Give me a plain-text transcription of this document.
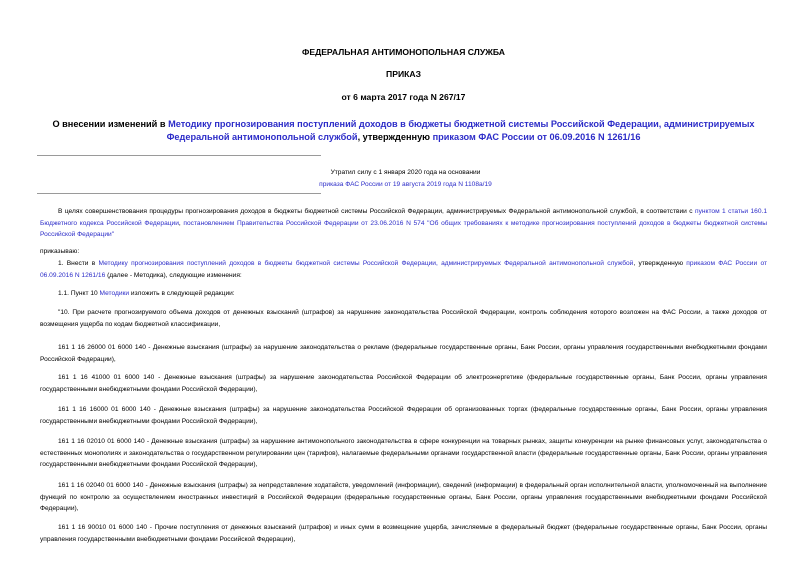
ФЕДЕРАЛЬНАЯ АНТИМОНОПОЛЬНАЯ СЛУЖБА
ПРИКАЗ
от 6 марта 2017 года N 267/17
О внесении изменений в Методику прогнозирования поступлений доходов в бюджеты бюджетной системы Российской Федерации, администрируемых Федеральной антимонопольной службой, утвержденную приказом ФАС России от 06.09.2016 N 1261/16
Утратил силу с 1 января 2020 года на основании
приказа ФАС России от 19 августа 2019 года N 1108а/19
В целях совершенствования процедуры прогнозирования доходов в бюджеты бюджетной системы Российской Федерации, администрируемых Федеральной антимонопольной службой, в соответствии с пунктом 1 статьи 160.1 Бюджетного кодекса Российской Федерации, постановлением Правительства Российской Федерации от 23.06.2016 N 574 "Об общих требованиях к методике прогнозирования поступлений доходов в бюджеты бюджетной системы Российской Федерации"
приказываю:
1. Внести в Методику прогнозирования поступлений доходов в бюджеты бюджетной системы Российской Федерации, администрируемых Федеральной антимонопольной службой, утвержденную приказом ФАС России от 06.09.2016 N 1261/16 (далее - Методика), следующие изменения:
1.1. Пункт 10 Методики изложить в следующей редакции:
"10. При расчете прогнозируемого объема доходов от денежных взысканий (штрафов) за нарушение законодательства Российской Федерации, контроль соблюдения которого возложен на ФАС России, а также доходов от возмещения ущерба по кодам бюджетной классификации,
161 1 16 26000 01 6000 140 - Денежные взыскания (штрафы) за нарушение законодательства о рекламе (федеральные государственные органы, Банк России, органы управления государственными внебюджетными фондами Российской Федерации),
161 1 16 41000 01 6000 140 - Денежные взыскания (штрафы) за нарушение законодательства Российской Федерации об электроэнергетике (федеральные государственные органы, Банк России, органы управления государственными внебюджетными фондами Российской Федерации),
161 1 16 16000 01 6000 140 - Денежные взыскания (штрафы) за нарушение законодательства Российской Федерации об организованных торгах (федеральные государственные органы, Банк России, органы управления государственными внебюджетными фондами Российской Федерации),
161 1 16 02010 01 6000 140 - Денежные взыскания (штрафы) за нарушение антимонопольного законодательства в сфере конкуренции на товарных рынках, защиты конкуренции на рынке финансовых услуг, законодательства о естественных монополиях и законодательства о государственном регулировании цен (тарифов), налагаемые федеральными органами государственной власти (федеральные государственные органы, Банк России, органы управления государственными внебюджетными фондами Российской Федерации),
161 1 16 02040 01 6000 140 - Денежные взыскания (штрафы) за непредставление ходатайств, уведомлений (информации), сведений (информации) в федеральный орган исполнительной власти, уполномоченный на выполнение функций по контролю за осуществлением иностранных инвестиций в Российской Федерации (федеральные государственные органы, Банк России, органы управления государственными внебюджетными фондами Российской Федерации),
161 1 16 90010 01 6000 140 - Прочие поступления от денежных взысканий (штрафов) и иных сумм в возмещение ущерба, зачисляемые в федеральный бюджет (федеральные государственные органы, Банк России, органы управления государственными внебюджетными фондами Российской Федерации),
